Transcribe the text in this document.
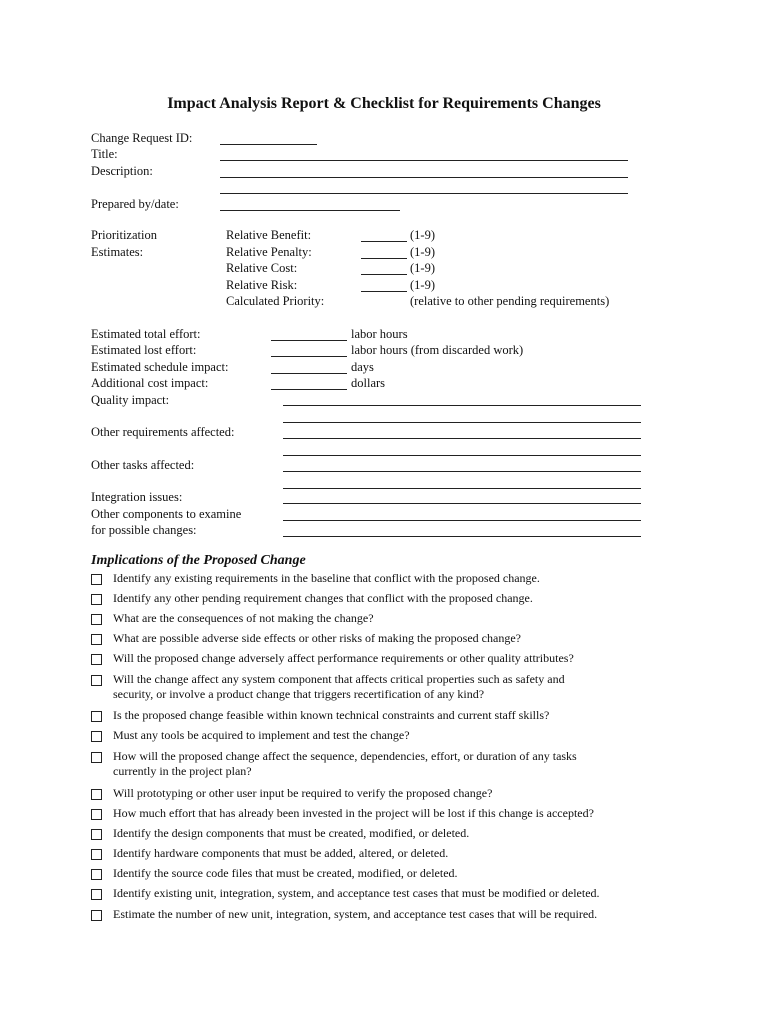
Impact Analysis Report & Checklist for Requirements Changes
Change Request ID:
Title:
Description:
Prepared by/date:
Prioritization
Estimates:
Relative Benefit:	(1-9)
Relative Penalty:	(1-9)
Relative Cost:	(1-9)
Relative Risk:	(1-9)
Calculated Priority:	(relative to other pending requirements)
Estimated total effort:	labor hours
Estimated lost effort:	labor hours (from discarded work)
Estimated schedule impact:	days
Additional cost impact:	dollars
Quality impact:
Other requirements affected:
Other tasks affected:
Integration issues:
Other components to examine
for possible changes:
Implications of the Proposed Change
Identify any existing requirements in the baseline that conflict with the proposed change.
Identify any other pending requirement changes that conflict with the proposed change.
What are the consequences of not making the change?
What are possible adverse side effects or other risks of making the proposed change?
Will the proposed change adversely affect performance requirements or other quality attributes?
Will the change affect any system component that affects critical properties such as safety and
security, or involve a product change that triggers recertification of any kind?
Is the proposed change feasible within known technical constraints and current staff skills?
Must any tools be acquired to implement and test the change?
How will the proposed change affect the sequence, dependencies, effort, or duration of any tasks
currently in the project plan?
Will prototyping or other user input be required to verify the proposed change?
How much effort that has already been invested in the project will be lost if this change is accepted?
Identify the design components that must be created, modified, or deleted.
Identify hardware components that must be added, altered, or deleted.
Identify the source code files that must be created, modified, or deleted.
Identify existing unit, integration, system, and acceptance test cases that must be modified or deleted.
Estimate the number of new unit, integration, system, and acceptance test cases that will be required.
